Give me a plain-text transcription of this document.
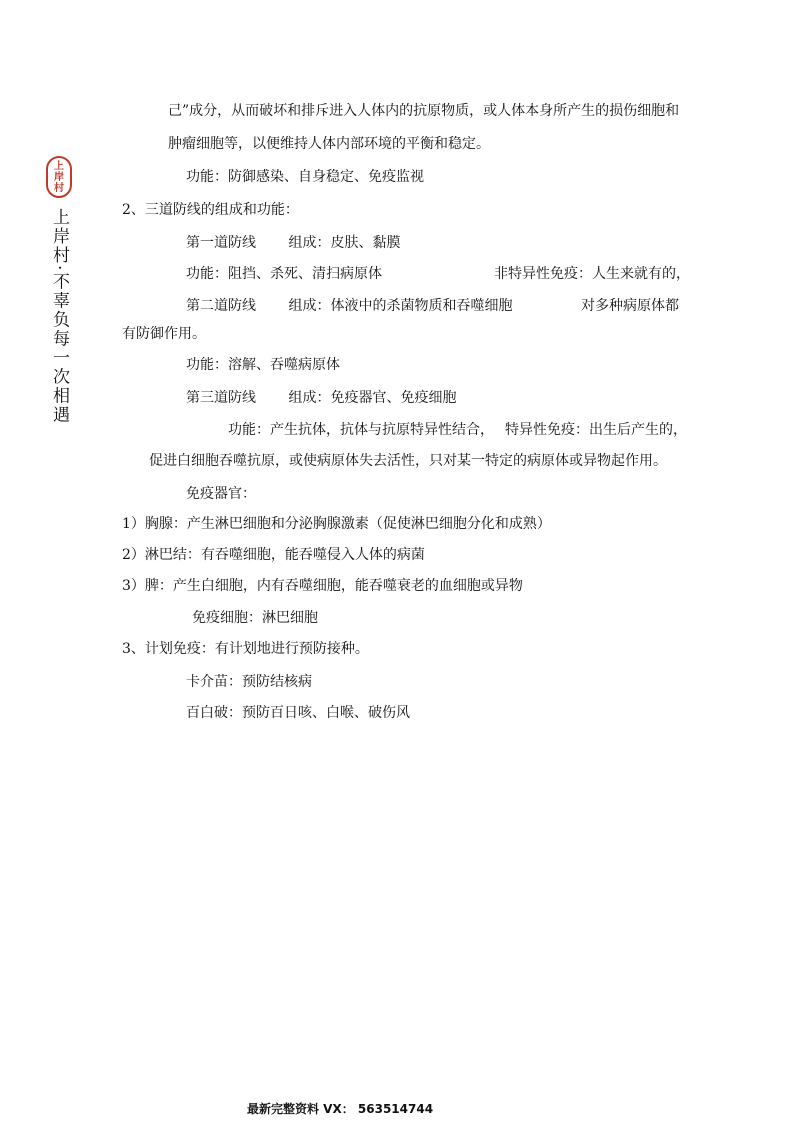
上
岸
村
上岸村·不辜负每一次相遇
己”成分，从而破坏和排斥进入人体内的抗原物质，或人体本身所产生的损伤细胞和
肿瘤细胞等，以便维持人体内部环境的平衡和稳定。
功能：防御感染、自身稳定、免疫监视
2、三道防线的组成和功能：
第一道防线　　 组成：皮肤、黏膜
功能：阻挡、杀死、清扫病原体	非特异性免疫：人生来就有的，
第二道防线　　 组成：体液中的杀菌物质和吞噬细胞	对多种病原体都
有防御作用。
功能：溶解、吞噬病原体
第三道防线　　 组成：免疫器官、免疫细胞
功能：产生抗体，抗体与抗原特异性结合， 特异性免疫：出生后产生的，
促进白细胞吞噬抗原，或使病原体失去活性，只对某一特定的病原体或异物起作用。
免疫器官：
1）胸腺：产生淋巴细胞和分泌胸腺激素（促使淋巴细胞分化和成熟）
2）淋巴结：有吞噬细胞，能吞噬侵入人体的病菌
3）脾：产生白细胞，内有吞噬细胞，能吞噬衰老的血细胞或异物
免疫细胞：淋巴细胞
3、计划免疫：有计划地进行预防接种。
卡介苗：预防结核病
百白破：预防百日咳、白喉、破伤风
最新完整资料 VX： 563514744
